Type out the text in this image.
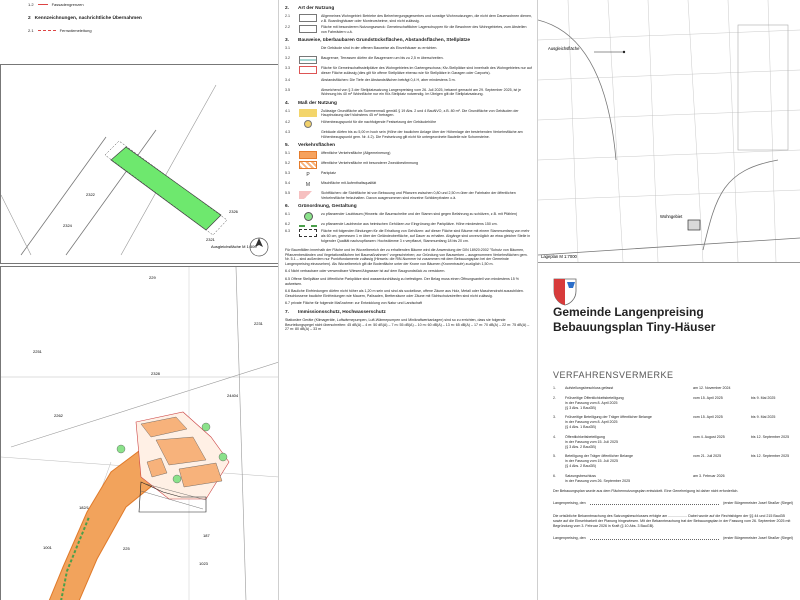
1.2	Fassadengrenzen
2 Kennzeichnungen, nachrichtliche Übernahmen
2.1	Fernwärmeleitung
Ausgleichsfläche M 1:500
2322
2324
2326
2321
1023
182/1
1001
229
24404
2262
2251
2328
187
225
2231
2. Art der Nutzung
2.1	Allgemeines Wohngebiet: Betriebe des Beherbergungsgewerbes und sonstige Wohnnutzungen, die nicht dem Dauerwohnen dienen, z.B. Boardinghäuser oder Monteursheime, sind nicht zulässig.
2.2	Fläche mit besonderem Nutzungszweck: Gemeinschaftlicher Lagerschuppen für die Bewohner des Wohngebietes, zum Abstellen von Fahrrädern u.ä.
3. Bauweise, überbaubaren Grundstücksflächen, Abstandsflächen, Stellplätze
3.1	Die Gebäude sind in der offenen Bauweise als Einzelhäuser zu errichten.
3.2	Baugrenze, Terrassen dürfen die Baugrenzen um bis zu 2,5 m überschreiten.
3.3	Fläche für Gemeinschaftsstellplätze des Wohngebietes im Gartengeschoss; Kfz-Stellplätze sind innerhalb des Wohngebietes nur auf dieser Fläche zulässig (dies gilt für offene Stellplätze ebenso wie für Stellplätze in Garagen oder Carports).
3.4	Abstandsflächen: Die Tiefe der Abstandsflächen beträgt 0,4 H, aber mindestens 3 m.
3.5	Abweichend von § 3 der Stellplatzsatzung Langenpreising vom 26. Juli 2025, bekannt gemacht am 29. September 2025, ist je Wohnung bis 40 m² Wohnfläche nur ein Kfz-Stellplatz notwendig. Im Übrigen gilt die Stellplatzsatzung.
4. Maß der Nutzung
4.1	Zulässige Grundfläche als Summenmaß gemäß § 19 Abs. 2 und 4 BauNVO, z.B. 80 m². Die Grundfläche von Gebäuden der Hauptnutzung darf höchstens 45 m² betragen.
4.2	Höhenbezugspunkt für die nachfolgende Festsetzung der Gebäudehöhe
4.3	Gebäude dürfen bis zu 5,00 m hoch sein (Höhe der baulichen Anlage über der Höhenlage der bestehenden Verkehrsfläche am Höhenbezugspunkt gem. Nr. 4.2). Die Festsetzung gilt nicht für untergeordnete Bauteile wie Schornsteine.
5. Verkehrsflächen
5.1	öffentliche Verkehrsfläche (Allgemeinerung)
5.2	öffentliche Verkehrsfläche mit besonderer Zweckbestimmung
5.3	P	Parkplatz
5.4	M	Mischfläche mit Aufenthaltsqualität
5.5	Sichtflächen: die Sichtfläche ist von Bebauung und Pflanzen zwischen 0,80 und 2,50 m über der Fahrbahn der öffentlichen Verkehrsfläche freizuhalten. Davon ausgenommen sind einzelne Schilderpfosten o.ä.
6. Grünordnung, Gestaltung
6.1	zu pflanzender Laubbaum (Hinweis: die Baumscheibe und der Stamm sind gegen Befahrung zu schützen, z.B. mit Pfählen)
6.2	zu pflanzende Laubhecke aus heimischen Gehölzen zur Eingrünung der Parkplätze. Höhe mindestens 150 cm.
6.3	Fläche mit folgenden Bindungen für die Erhaltung von Gehölzen: auf dieser Fläche sind Bäume mit einem Stammumfang von mehr als 60 cm, gemessen 1 m über der Geländeoberfläche, auf Dauer zu erhalten. Abgänge sind unverzüglich an etwa gleicher Stelle in folgender Qualität nachzupflanzen: Hochstämme 3 x verpflanzt, Stammumfang 18 bis 20 cm.

Für Baumfällen innerhalb der Fläche und im Wurzelbereich der zu erhaltenden Bäume wird die Anwendung der DIN 18920:2002 "Schutz von Bäumen, Pflanzenbeständen und Vegetationsflächen bei Baumaßnahmen" vorgeschrieben; zur Gründung von Bauwerken – ausgenommen Verkehrsflächen gem. Nr. 5.1 – sind außerdem nur Punktfundamente zulässig (Hinweis: die RiN-Nummer ist zusammen mit dem Bebauungsplan bei der Gemeinde Langenpreising einzusehen). Als Wurzelbereich gilt die Bodenfläche unter der Krone von Bäumen (Kronentraufe) zuzüglich 1,50 m.

6.4 Nicht verbaubare oder verwendbare Wiesen/Abgrasser ist auf dem Baugrundstück zu versickern.

6.5 Offene Stellplätze und öffentliche Parkplätze sind wasserdurchlässig zu befestigen. Der Belag muss einen Öffnungsanteil von mindestens 15 % aufweisen.

6.6 Bauliche Einfriedungen dürfen nicht höher als 1,20 m sein und sind als sockellose, offene Zäune aus Holz, Metall oder Maschendraht auszubilden. Geschlossene bauliche Einfriedungen wie Mauern, Palisaden, Bretterzäune oder Zäune mit Sichtschutzstreifen sind nicht zulässig.

6.7 private Fläche für folgende Maßnahme: zur Entwicklung von Natur und Landschaft

7. Immissionsschutz, Hochwasserschutz
Stationäre Geräte (Klimageräte, Luftwärmepumpen, Luft-Wärmepumpen und Minikraftwerkanlagen) sind so zu errichten, dass sie folgende Beurteilungspegel nicht überschreiten: 45 dB(A) – 4 m: 50 dB(A) – 7 m: 55 dB(A) – 10 m: 60 dB(A) – 13 m: 65 dB(A) – 17 m: 70 dB(A) – 22 m: 75 dB(A) – 27 m: 80 dB(A) – 33 m
Ausgleichsfläche
Wohngebiet
Lageplan M 1:7000
Gemeinde Langenpreising
Bebauungsplan Tiny-Häuser
VERFAHRENSVERMERKE
1.	Aufstellungsbeschluss gefasst	am 12. November 2024
2.	Frühzeitige Öffentlichkeitsbeteiligung
in der Fassung vom 8. April 2025
(§ 3 Abs. 1 BauGB)
vom 15. April 2025	bis 9. Mai 2025
3.	Frühzeitige Beteiligung der Träger öffentlicher Belange
in der Fassung vom 8. April 2025
(§ 4 Abs. 1 BauGB)
vom 15. April 2025	bis 9. Mai 2025
4.	Öffentlichkeitsbeteiligung
in der Fassung vom 15. Juli 2025
(§ 3 Abs. 2 BauGB)
vom 4. August 2025	bis 12. September 2025
5.	Beteiligung der Träger öffentlicher Belange
in der Fassung vom 15. Juli 2025
(§ 4 Abs. 2 BauGB)
vom 21. Juli 2025	bis 12. September 2025
6.	Satzungsbeschluss
in der Fassung vom 26. September 2025
am 3. Februar 2026
Der Bebauungsplan wurde aus dem Flächennutzungsplan entwickelt. Eine Genehmigung ist daher nicht erforderlich.
Langenpreising, den	(erster Bürgermeister Josef Straßer (Siegel)
Die ortsübliche Bekanntmachung des Satzungsbeschlusses erfolgte am ................... Dabei wurde auf die Rechtsfolgen der §§ 44 und 215 BauGB sowie auf die Einsehbarkeit der Planung hingewiesen. Mit der Bekanntmachung trat der Bebauungsplan in der Fassung vom 26. September 2025 mit Begründung vom 3. Februar 2026 in Kraft (§ 10 Abs. 3 BauGB).
Langenpreising, den	(erster Bürgermeister Josef Straßer (Siegel)
